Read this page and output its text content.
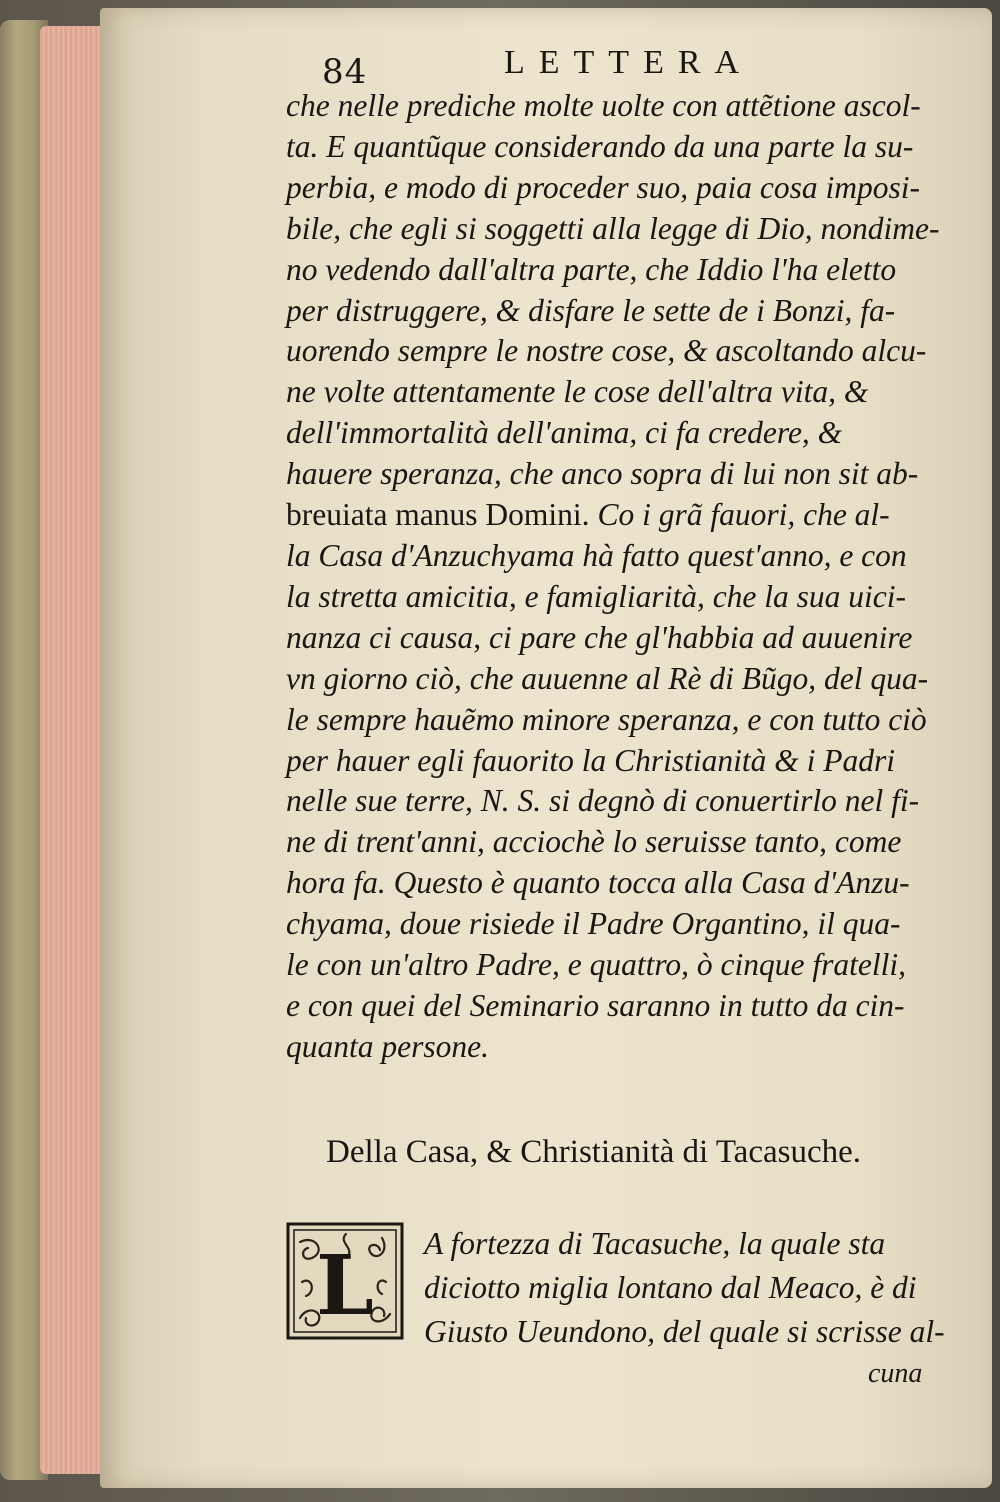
84	LETTERA
che nelle prediche molte uolte con attẽtione ascol-
ta. E quantũque considerando da una parte la su-
perbia, e modo di proceder suo, paia cosa imposi-
bile, che egli si soggetti alla legge di Dio, nondime-
no vedendo dall'altra parte, che Iddio l'ha eletto
per distruggere, & disfare le sette de i Bonzi, fa-
uorendo sempre le nostre cose, & ascoltando alcu-
ne volte attentamente le cose dell'altra vita, &
dell'immortalità dell'anima, ci fa credere, &
hauere speranza, che anco sopra di lui non sit ab-
breuiata manus Domini. Co i grã fauori, che al-
la Casa d'Anzuchyama hà fatto quest'anno, e con
la stretta amicitia, e famigliarità, che la sua uici-
nanza ci causa, ci pare che gl'habbia ad auuenire
vn giorno ciò, che auuenne al Rè di Bũgo, del qua-
le sempre hauẽmo minore speranza, e con tutto ciò
per hauer egli fauorito la Christianità & i Padri
nelle sue terre, N. S. si degnò di conuertirlo nel fi-
ne di trent'anni, acciochè lo seruisse tanto, come
hora fa. Questo è quanto tocca alla Casa d'Anzu-
chyama, doue risiede il Padre Organtino, il qua-
le con un'altro Padre, e quattro, ò cinque fratelli,
e con quei del Seminario saranno in tutto da cin-
quanta persone.
Della Casa, & Christianità di Tacasuche.
L A fortezza di Tacasuche, la quale sta
diciotto miglia lontano dal Meaco, è di
Giusto Ueundono, del quale si scrisse al-
cuna
